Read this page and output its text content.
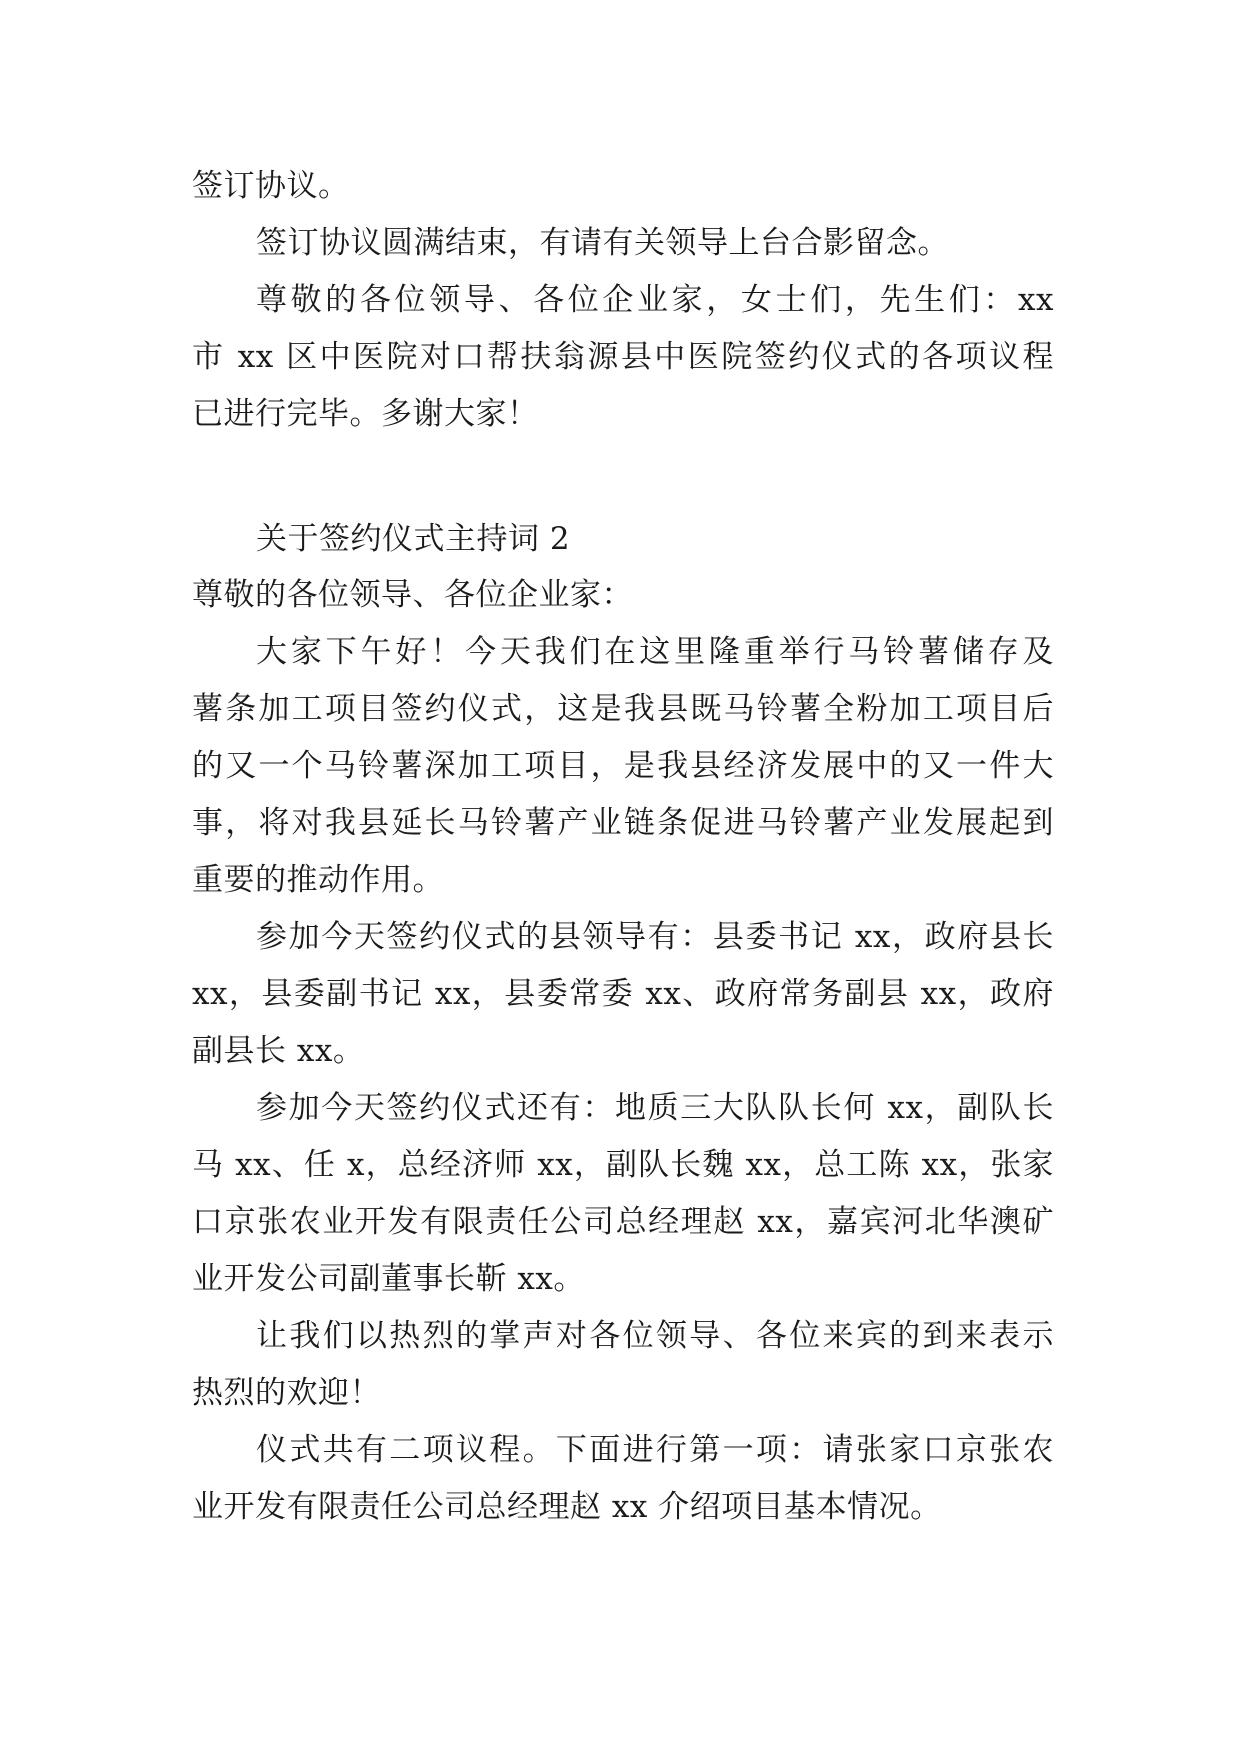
签订协议。
签订协议圆满结束，有请有关领导上台合影留念。
尊敬的各位领导、各位企业家，女士们，先生们：xx
市 xx 区中医院对口帮扶翁源县中医院签约仪式的各项议程
已进行完毕。多谢大家！
关于签约仪式主持词 2
尊敬的各位领导、各位企业家：
大家下午好！今天我们在这里隆重举行马铃薯储存及
薯条加工项目签约仪式，这是我县既马铃薯全粉加工项目后
的又一个马铃薯深加工项目，是我县经济发展中的又一件大
事，将对我县延长马铃薯产业链条促进马铃薯产业发展起到
重要的推动作用。
参加今天签约仪式的县领导有：县委书记 xx，政府县长
xx，县委副书记 xx，县委常委 xx、政府常务副县 xx，政府
副县长 xx。
参加今天签约仪式还有：地质三大队队长何 xx，副队长
马 xx、任 x，总经济师 xx，副队长魏 xx，总工陈 xx，张家
口京张农业开发有限责任公司总经理赵 xx，嘉宾河北华澳矿
业开发公司副董事长靳 xx。
让我们以热烈的掌声对各位领导、各位来宾的到来表示
热烈的欢迎！
仪式共有二项议程。下面进行第一项：请张家口京张农
业开发有限责任公司总经理赵 xx 介绍项目基本情况。
